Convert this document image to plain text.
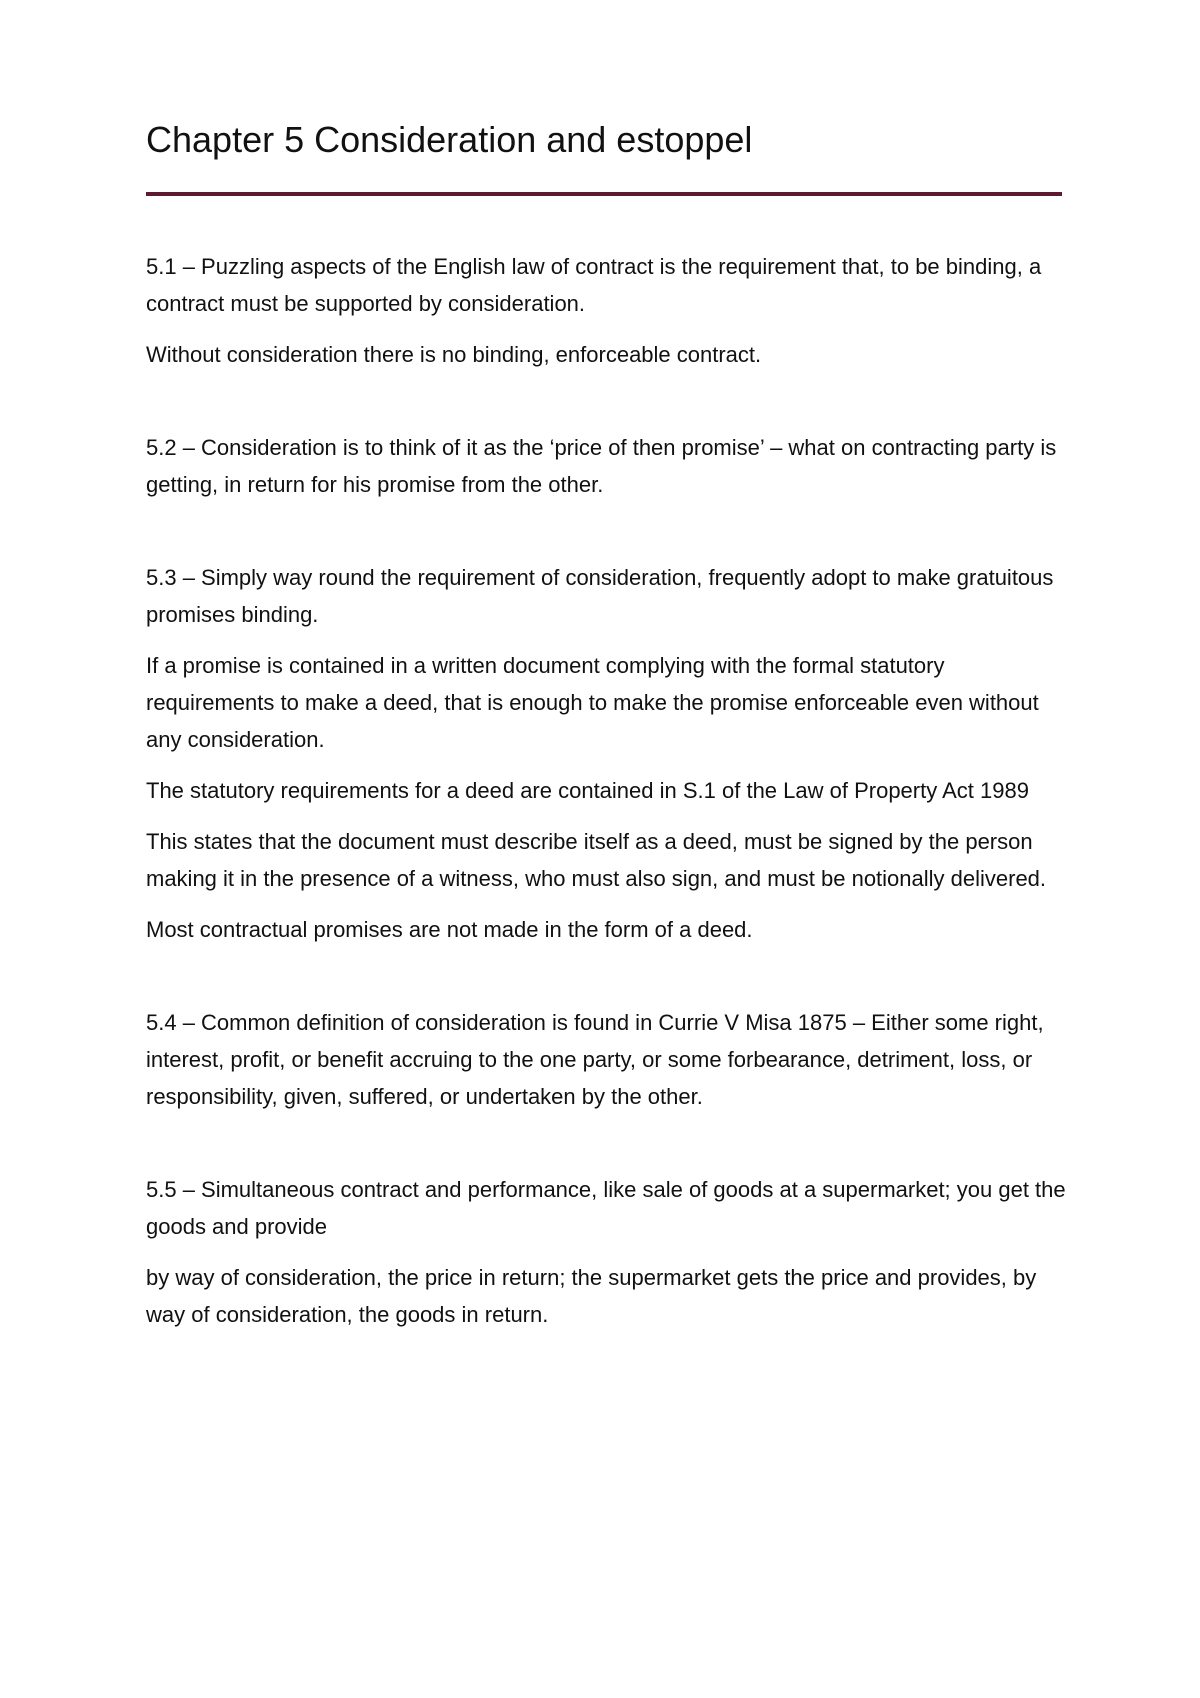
Chapter 5 Consideration and estoppel

5.1 – Puzzling aspects of the English law of contract is the requirement that, to be binding, a contract must be supported by consideration.

Without consideration there is no binding, enforceable contract.

5.2 – Consideration is to think of it as the ‘price of then promise’ – what on contracting party is getting, in return for his promise from the other.

5.3 – Simply way round the requirement of consideration, frequently adopt to make gratuitous promises binding.

If a promise is contained in a written document complying with the formal statutory requirements to make a deed, that is enough to make the promise enforceable even without any consideration.

The statutory requirements for a deed are contained in S.1 of the Law of Property Act 1989

This states that the document must describe itself as a deed, must be signed by the person making it in the presence of a witness, who must also sign, and must be notionally delivered.

Most contractual promises are not made in the form of a deed.

5.4 – Common definition of consideration is found in Currie V Misa 1875 – Either some right, interest, profit, or benefit accruing to the one party, or some forbearance, detriment, loss, or responsibility, given, suffered, or undertaken by the other.

5.5 – Simultaneous contract and performance, like sale of goods at a supermarket; you get the goods and provide

by way of consideration, the price in return; the supermarket gets the price and provides, by way of consideration, the goods in return.
